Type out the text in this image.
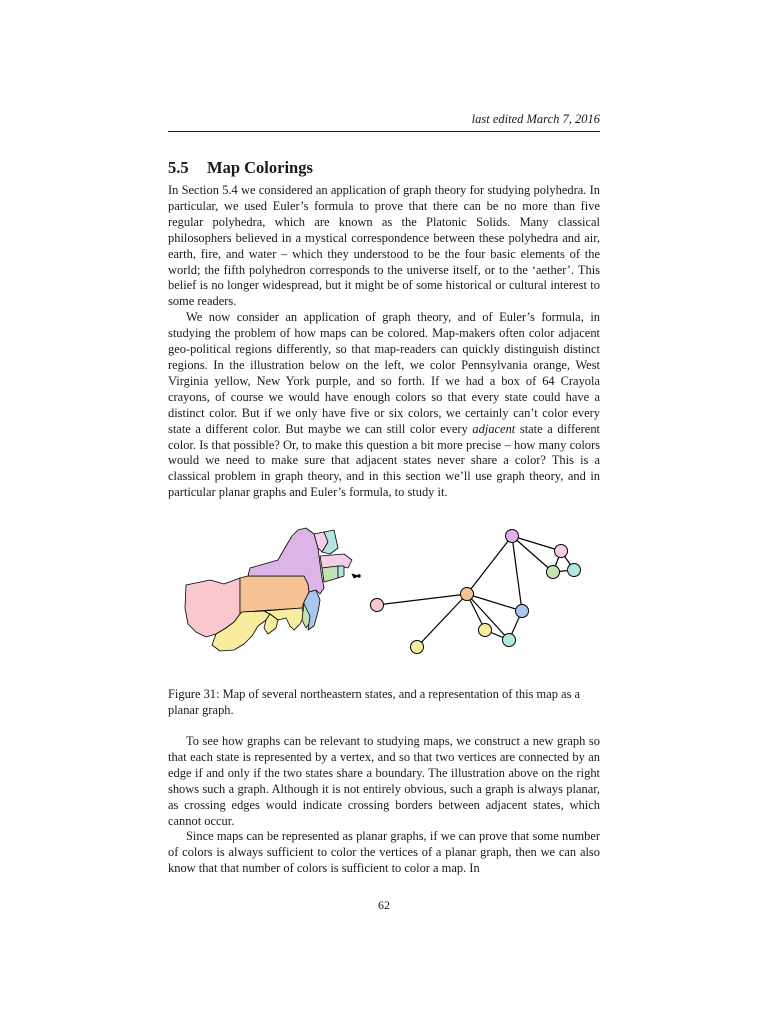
last edited March 7, 2016
5.5 Map Colorings

In Section 5.4 we considered an application of graph theory for studying polyhedra. In particular, we used Euler’s formula to prove that there can be no more than five regular polyhedra, which are known as the Platonic Solids. Many classical philosophers believed in a mystical correspondence between these polyhedra and air, earth, fire, and water – which they understood to be the four basic elements of the world; the fifth polyhedron corresponds to the universe itself, or to the ‘aether’. This belief is no longer widespread, but it might be of some historical or cultural interest to some readers.

We now consider an application of graph theory, and of Euler’s formula, in studying the problem of how maps can be colored. Map-makers often color adjacent geo-political regions differently, so that map-readers can quickly distinguish distinct regions. In the illustration below on the left, we color Pennsylvania orange, West Virginia yellow, New York purple, and so forth. If we had a box of 64 Crayola crayons, of course we would have enough colors so that every state could have a distinct color. But if we only have five or six colors, we certainly can’t color every state a different color. But maybe we can still color every adjacent state a different color. Is that possible? Or, to make this question a bit more precise – how many colors would we need to make sure that adjacent states never share a color? This is a classical problem in graph theory, and in this section we’ll use graph theory, and in particular planar graphs and Euler’s formula, to study it.

Figure 31: Map of several northeastern states, and a representation of this map as a planar graph.

To see how graphs can be relevant to studying maps, we construct a new graph so that each state is represented by a vertex, and so that two vertices are connected by an edge if and only if the two states share a boundary. The illustration above on the right shows such a graph. Although it is not entirely obvious, such a graph is always planar, as crossing edges would indicate crossing borders between adjacent states, which cannot occur.

Since maps can be represented as planar graphs, if we can prove that some number of colors is always sufficient to color the vertices of a planar graph, then we can also know that that number of colors is sufficient to color a map. In

62
